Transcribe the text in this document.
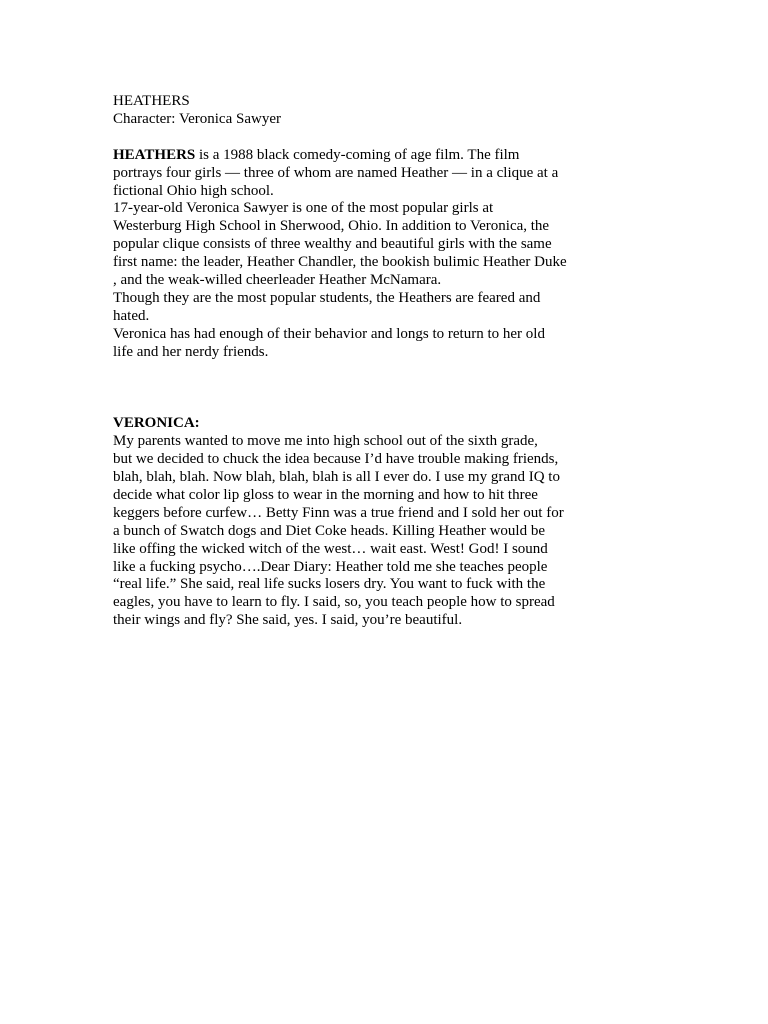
HEATHERS
Character: Veronica Sawyer
HEATHERS is a 1988 black comedy-coming of age film. The film
portrays four girls — three of whom are named Heather — in a clique at a
fictional Ohio high school.
17-year-old Veronica Sawyer is one of the most popular girls at
Westerburg High School in Sherwood, Ohio. In addition to Veronica, the
popular clique consists of three wealthy and beautiful girls with the same
first name: the leader, Heather Chandler, the bookish bulimic Heather Duke
, and the weak-willed cheerleader Heather McNamara.
Though they are the most popular students, the Heathers are feared and
hated.
Veronica has had enough of their behavior and longs to return to her old
life and her nerdy friends.
VERONICA:
My parents wanted to move me into high school out of the sixth grade,
but we decided to chuck the idea because I’d have trouble making friends,
blah, blah, blah. Now blah, blah, blah is all I ever do. I use my grand IQ to
decide what color lip gloss to wear in the morning and how to hit three
keggers before curfew… Betty Finn was a true friend and I sold her out for
a bunch of Swatch dogs and Diet Coke heads. Killing Heather would be
like offing the wicked witch of the west… wait east. West! God! I sound
like a fucking psycho….Dear Diary: Heather told me she teaches people
“real life.” She said, real life sucks losers dry. You want to fuck with the
eagles, you have to learn to fly. I said, so, you teach people how to spread
their wings and fly? She said, yes. I said, you’re beautiful.
